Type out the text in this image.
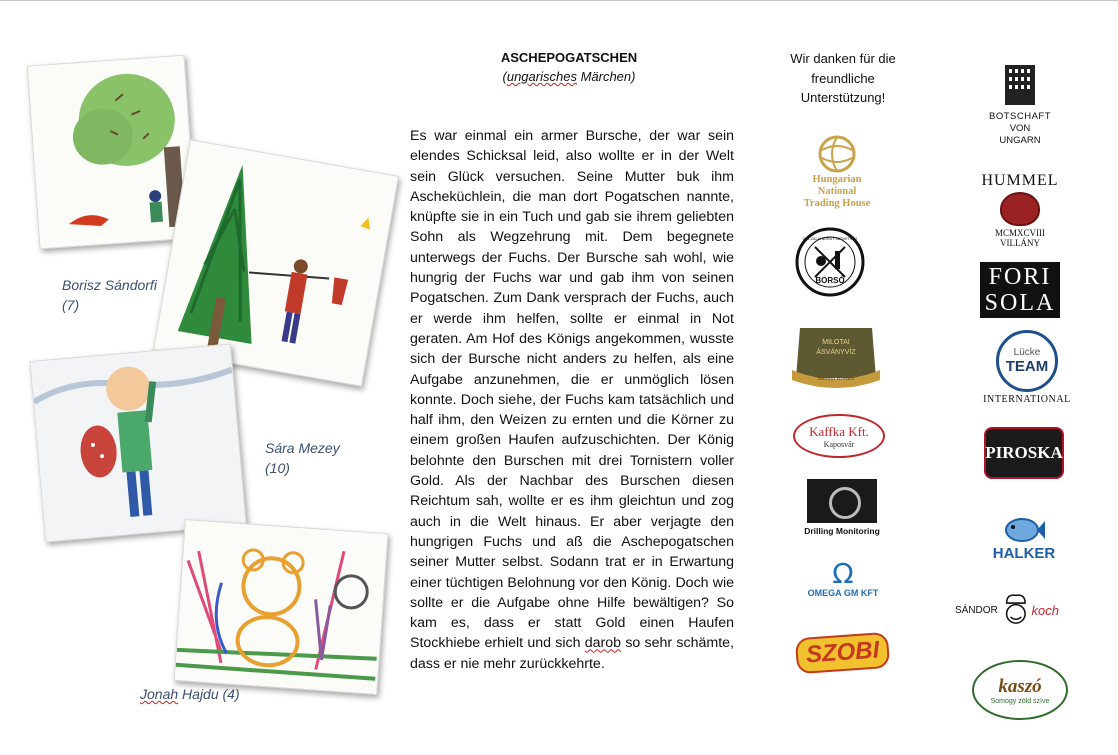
Borisz Sándorfi
(7)
Sára Mezey
(10)
Jonah Hajdu (4)
ASCHEPOGATSCHEN
(ungarisches Märchen)
Es war einmal ein armer Bursche, der war sein elendes Schicksal leid, also wollte er in der Welt sein Glück versuchen. Seine Mutter buk ihm Ascheküchlein, die man dort Pogatschen nannte, knüpfte sie in ein Tuch und gab sie ihrem geliebten Sohn als Wegzehrung mit. Dem begegnete unterwegs der Fuchs. Der Bursche sah wohl, wie hungrig der Fuchs war und gab ihm von seinen Pogatschen. Zum Dank versprach der Fuchs, auch er werde ihm helfen, sollte er einmal in Not geraten. Am Hof des Königs angekommen, wusste sich der Bursche nicht anders zu helfen, als eine Aufgabe anzunehmen, die er unmöglich lösen konnte. Doch siehe, der Fuchs kam tatsächlich und half ihm, den Weizen zu ernten und die Körner zu einem großen Haufen aufzuschichten. Der König belohnte den Burschen mit drei Tornistern voller Gold. Als der Nachbar des Burschen diesen Reichtum sah, wollte er es ihm gleichtun und zog auch in die Welt hinaus. Er aber verjagte den hungrigen Fuchs und aß die Aschepogatschen seiner Mutter selbst. Sodann trat er in Erwartung einer tüchtigen Belohnung vor den König. Doch wie sollte er die Aufgabe ohne Hilfe bewältigen? So kam es, dass er statt Gold einen Haufen Stockhiebe erhielt und sich darob so sehr schämte, dass er nie mehr zurückkehrte.
Wir danken für die freundliche Unterstützung!
Hungarian
National
Trading House
BORSÓ
DÉL-ZALAI BORÚT SZÖVETSÉG
MILOTAI
ÁSVÁNYVÍZ
Szántai Kovács
Kaffka Kft.
Kaposvár
Drilling Monitoring
Ω
OMEGA GM KFT
SZOBI
BOTSCHAFT
VON
UNGARN
HUMMEL
MCMXCVIII
VILLÁNY
FORI
SOLA
Lücke
TEAM
INTERNATIONAL
PIROSKA
HALKER
SÁNDOR	koch
kaszó
Somogy zöld szíve
